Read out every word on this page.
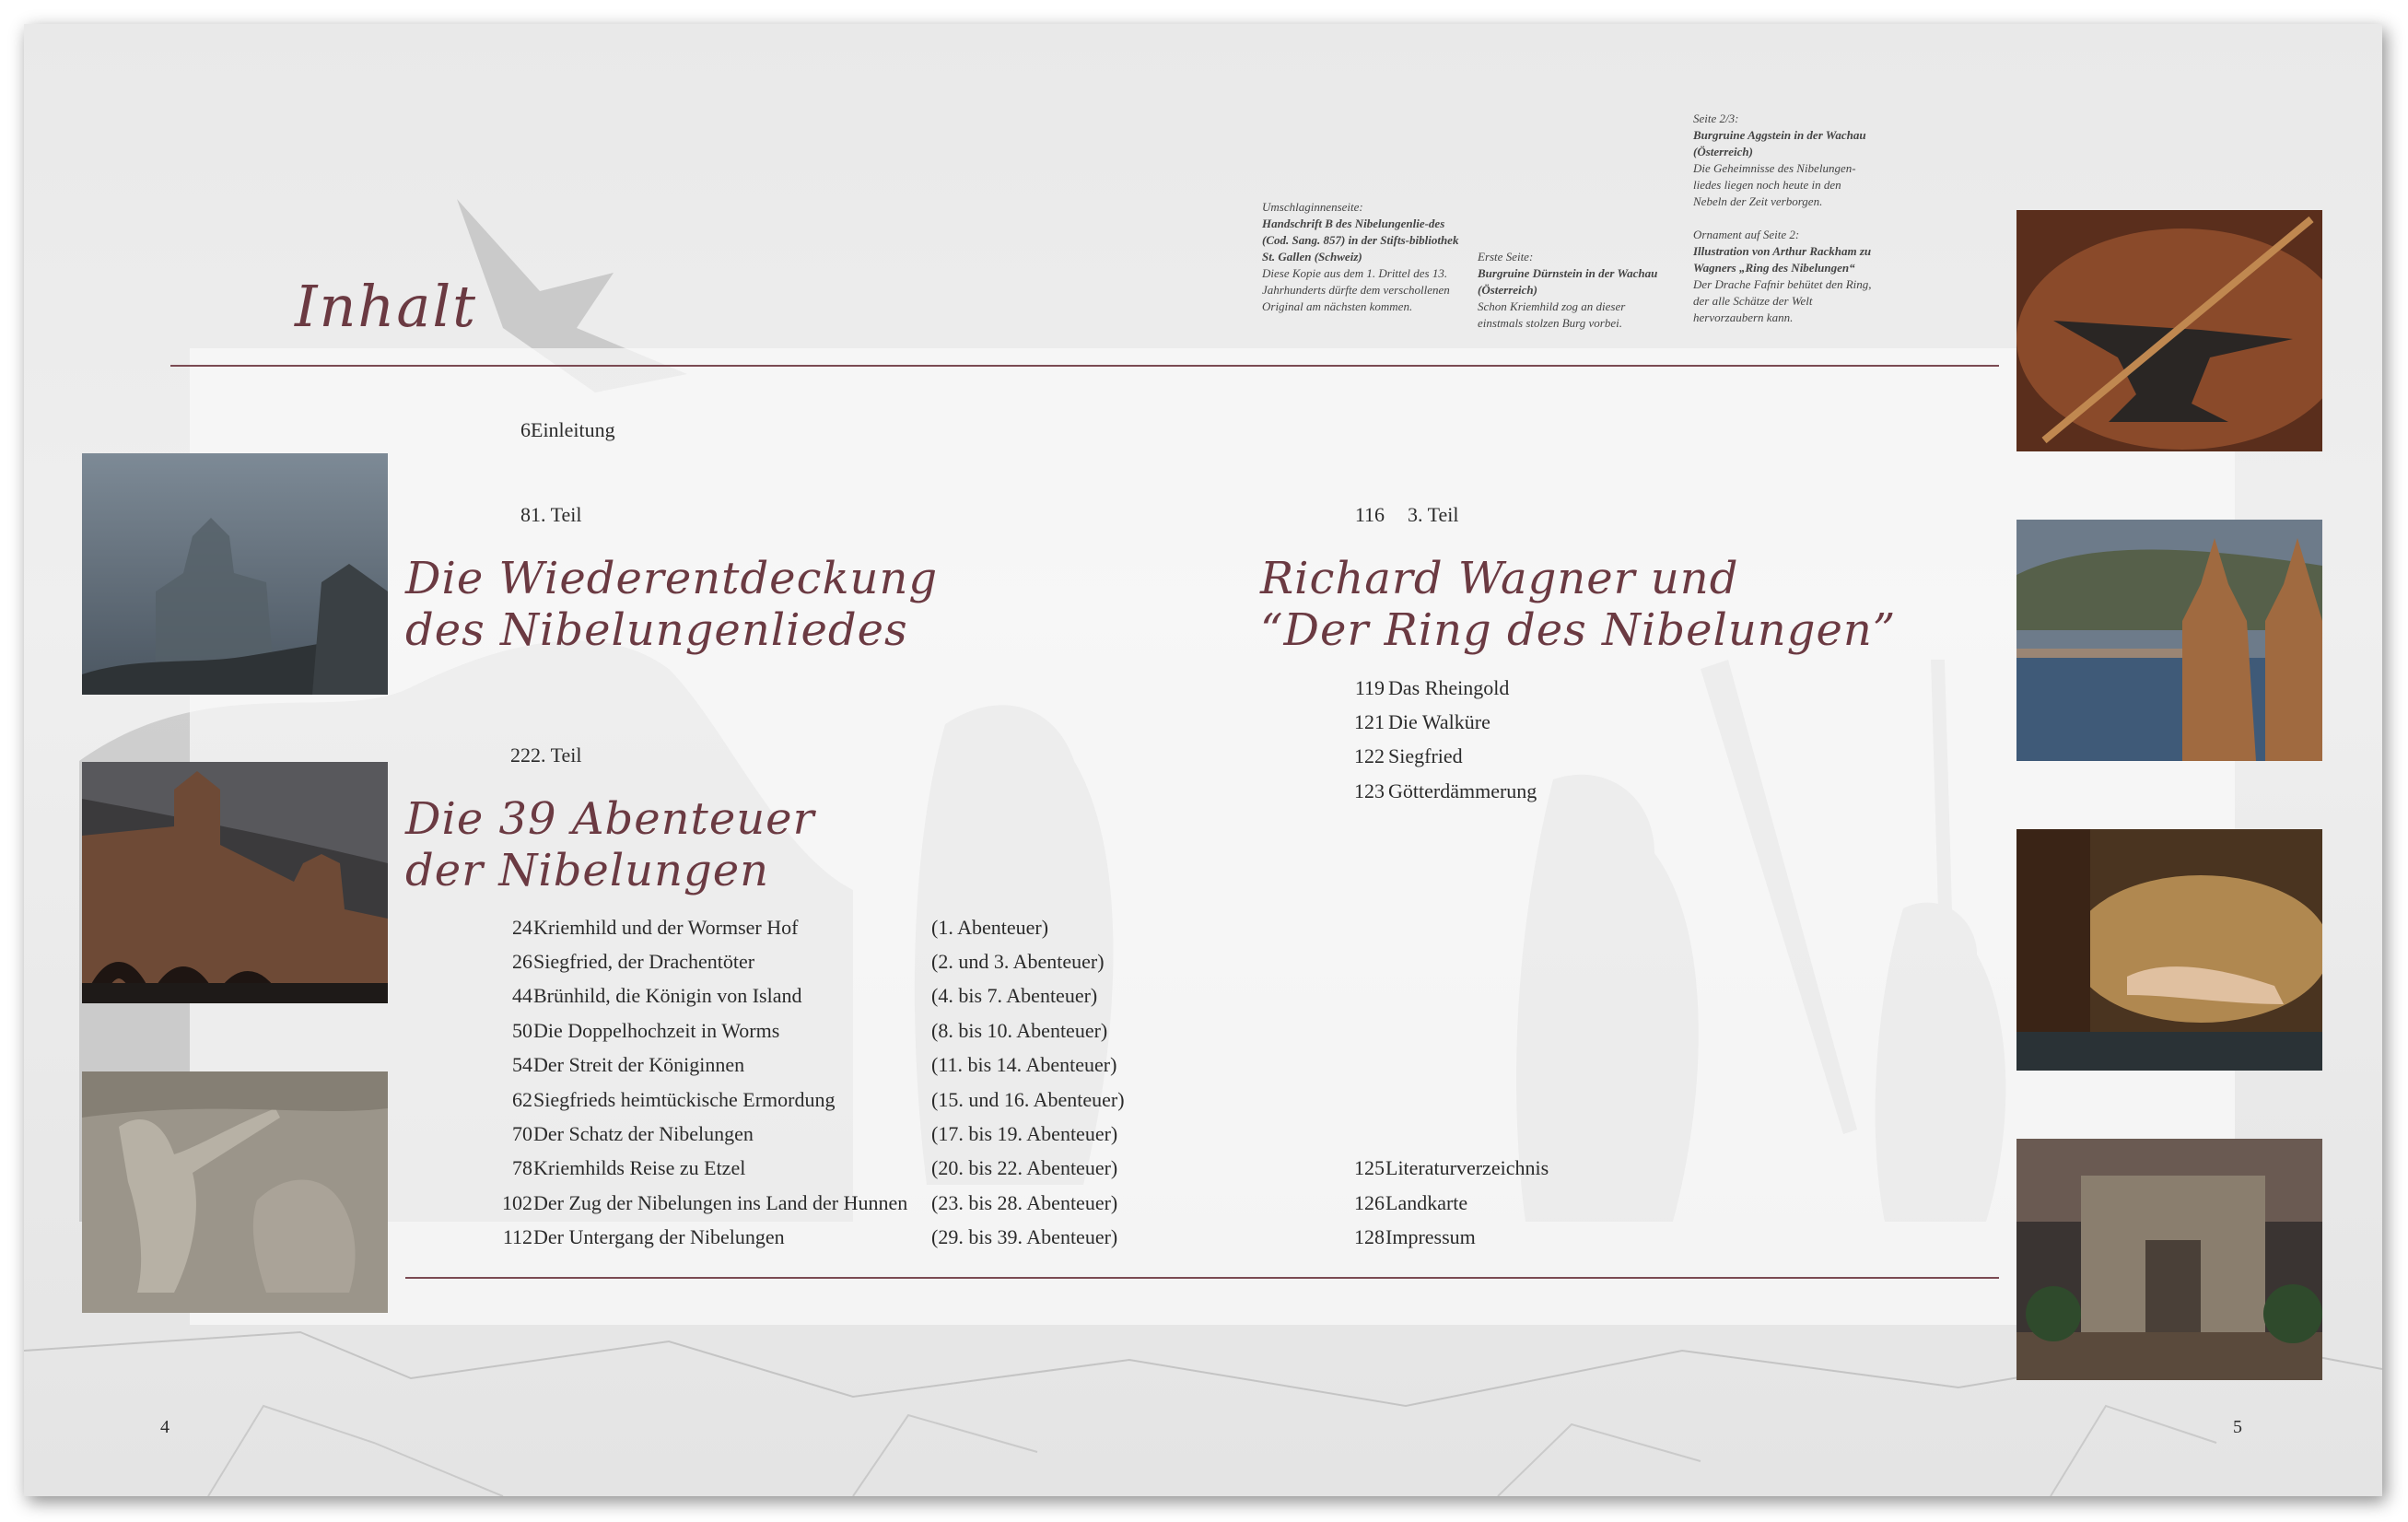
Inhalt
Umschlaginnenseite:
Handschrift B des Nibelungenlie-des (Cod. Sang. 857) in der Stifts-bibliothek St. Gallen (Schweiz)
Diese Kopie aus dem 1. Drittel des 13. Jahrhunderts dürfte dem verschollenen Original am nächsten kommen.
Erste Seite:
Burgruine Dürnstein in der Wachau (Österreich)
Schon Kriemhild zog an dieser einstmals stolzen Burg vorbei.
Seite 2/3:
Burgruine Aggstein in der Wachau (Österreich)
Die Geheimnisse des Nibelungen-liedes liegen noch heute in den Nebeln der Zeit verborgen.
Ornament auf Seite 2:
Illustration von Arthur Rackham zu Wagners „Ring des Nibelungen“
Der Drache Fafnir behütet den Ring, der alle Schätze der Welt hervorzaubern kann.
6 Einleitung
8 1. Teil
Die Wiederentdeckung
des Nibelungenliedes
22 2. Teil
Die 39 Abenteuer
der Nibelungen
24 Kriemhild und der Wormser Hof	(1. Abenteuer)
26 Siegfried, der Drachentöter	(2. und 3. Abenteuer)
44 Brünhild, die Königin von Island	(4. bis 7. Abenteuer)
50 Die Doppelhochzeit in Worms	(8. bis 10. Abenteuer)
54 Der Streit der Königinnen	(11. bis 14. Abenteuer)
62 Siegfrieds heimtückische Ermordung	(15. und 16. Abenteuer)
70 Der Schatz der Nibelungen	(17. bis 19. Abenteuer)
78 Kriemhilds Reise zu Etzel	(20. bis 22. Abenteuer)
102 Der Zug der Nibelungen ins Land der Hunnen (23. bis 28. Abenteuer)
112 Der Untergang der Nibelungen	(29. bis 39. Abenteuer)
116 3. Teil
Richard Wagner und
“Der Ring des Nibelungen”
119 Das Rheingold
121 Die Walküre
122 Siegfried
123 Götterdämmerung
125 Literaturverzeichnis
126 Landkarte
128 Impressum
4	5
